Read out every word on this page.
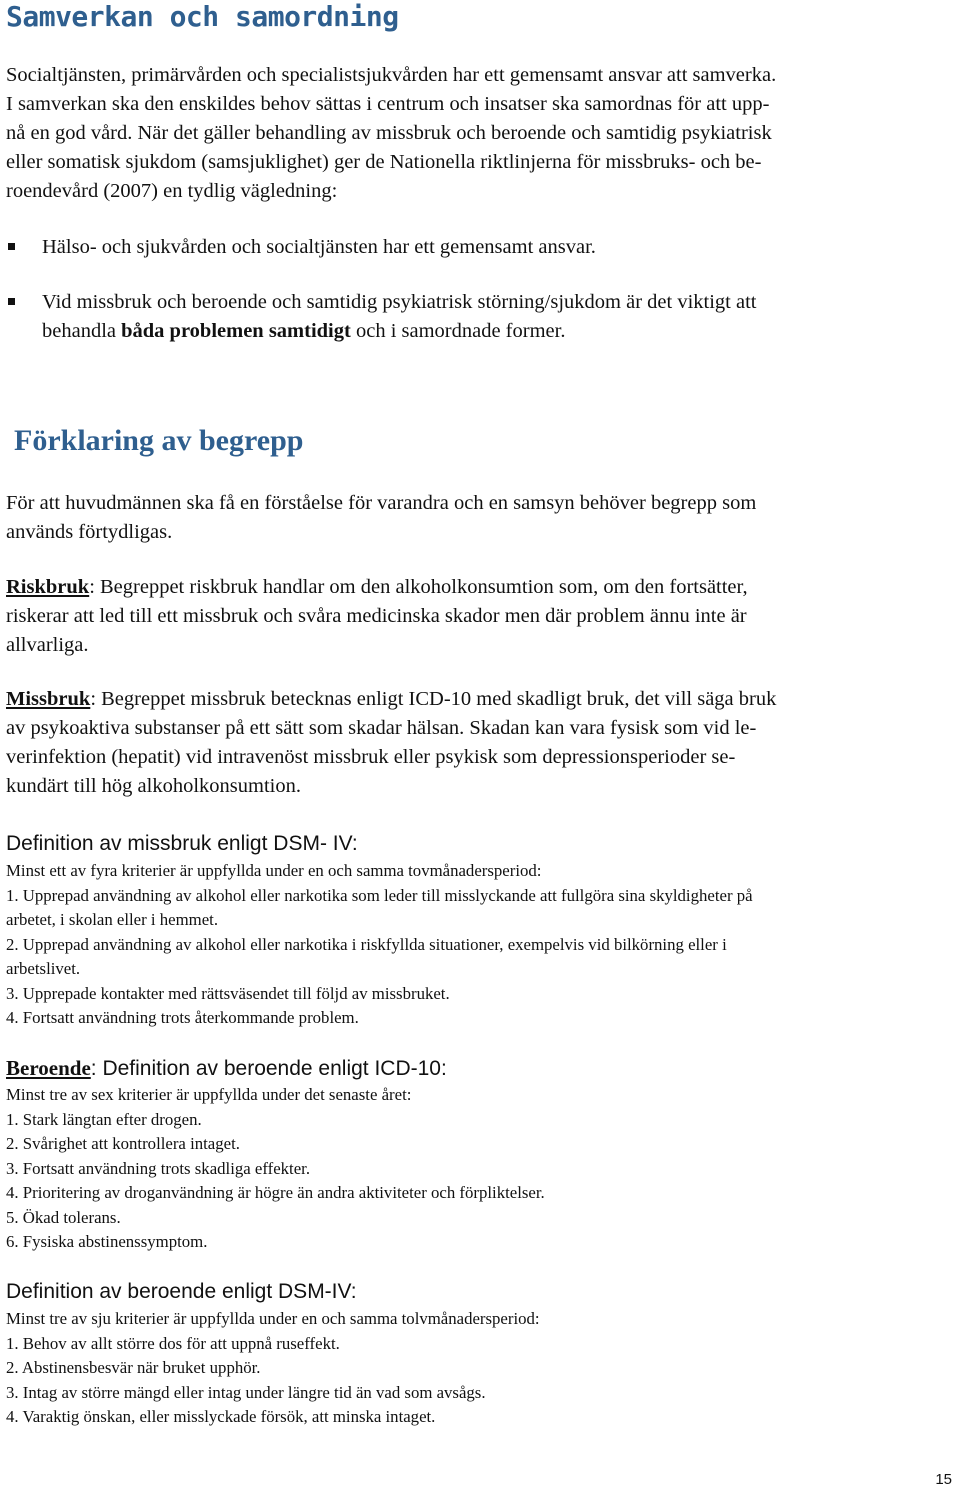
Samverkan och samordning
Socialtjänsten, primärvården och specialistsjukvården har ett gemensamt ansvar att samverka.
I samverkan ska den enskildes behov sättas i centrum och insatser ska samordnas för att upp-
nå en god vård. När det gäller behandling av missbruk och beroende och samtidig psykiatrisk
eller somatisk sjukdom (samsjuklighet) ger de Nationella riktlinjerna för missbruks- och be-
roendevård (2007) en tydlig vägledning:
Hälso- och sjukvården och socialtjänsten har ett gemensamt ansvar.
Vid missbruk och beroende och samtidig psykiatrisk störning/sjukdom är det viktigt att
behandla båda problemen samtidigt och i samordnade former.
Förklaring av begrepp
För att huvudmännen ska få en förståelse för varandra och en samsyn behöver begrepp som
används förtydligas.
Riskbruk: Begreppet riskbruk handlar om den alkoholkonsumtion som, om den fortsätter,
riskerar att led till ett missbruk och svåra medicinska skador men där problem ännu inte är
allvarliga.
Missbruk: Begreppet missbruk betecknas enligt ICD-10 med skadligt bruk, det vill säga bruk
av psykoaktiva substanser på ett sätt som skadar hälsan. Skadan kan vara fysisk som vid le-
verinfektion (hepatit) vid intravenöst missbruk eller psykisk som depressionsperioder se-
kundärt till hög alkoholkonsumtion.
Definition av missbruk enligt DSM- IV:
Minst ett av fyra kriterier är uppfyllda under en och samma tovmånadersperiod:
1. Upprepad användning av alkohol eller narkotika som leder till misslyckande att fullgöra sina skyldigheter på
arbetet, i skolan eller i hemmet.
2. Upprepad användning av alkohol eller narkotika i riskfyllda situationer, exempelvis vid bilkörning eller i
arbetslivet.
3. Upprepade kontakter med rättsväsendet till följd av missbruket.
4. Fortsatt användning trots återkommande problem.
Beroende: Definition av beroende enligt ICD-10:
Minst tre av sex kriterier är uppfyllda under det senaste året:
1. Stark längtan efter drogen.
2. Svårighet att kontrollera intaget.
3. Fortsatt användning trots skadliga effekter.
4. Prioritering av droganvändning är högre än andra aktiviteter och förpliktelser.
5. Ökad tolerans.
6. Fysiska abstinenssymptom.
Definition av beroende enligt DSM-IV:
Minst tre av sju kriterier är uppfyllda under en och samma tolvmånadersperiod:
1. Behov av allt större dos för att uppnå ruseffekt.
2. Abstinensbesvär när bruket upphör.
3. Intag av större mängd eller intag under längre tid än vad som avsågs.
4. Varaktig önskan, eller misslyckade försök, att minska intaget.
15
